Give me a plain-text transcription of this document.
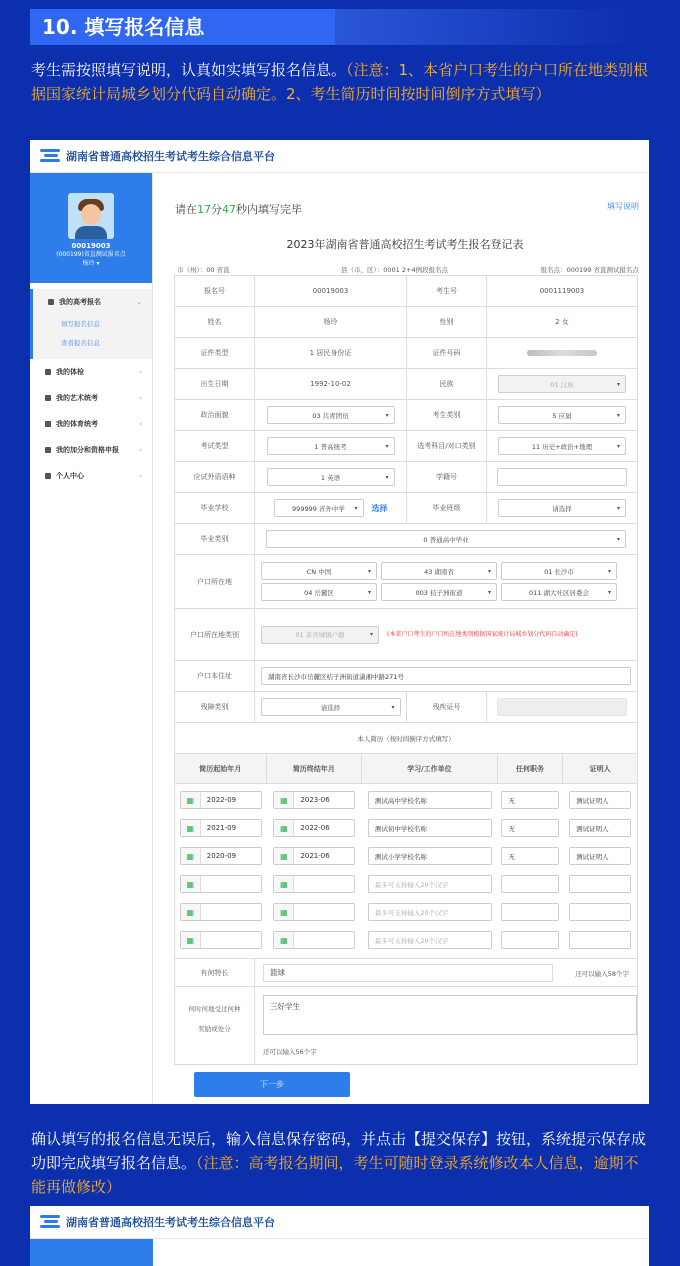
10. 填写报名信息
考生需按照填写说明，认真如实填写报名信息。（注意：1、本省户口考生的户口所在地类别根据国家统计局城乡划分代码自动确定。2、考生简历时间按时间倒序方式填写）
湖南省普通高校招生考试考生综合信息平台
00019003
(000199)省直测试报名点
杨玲 ▾
我的高考报名	⌄
填写报名信息
查看报名信息
我的体检	‹
我的艺术统考	‹
我的体育统考	‹
我的加分和资格申报	‹
个人中心	‹
请在17分47秒内填写完毕	填写说明
2023年湖南省普通高校招生考试考生报名登记表
市（州）：00 省直	县（市、区）：0001 2+4例段报名点	报名点：000199 省直测试报名点
报名号	00019003	考生号	0001119003
姓名	杨玲	性别	2 女
证件类型	1 居民身份证	证件号码
出生日期	1992-10-02	民族	01 汉族 ▾
政治面貌	03 共青团员 ▾	考生类别	5 应届 ▾
考试类型	1 普高统考 ▾	选考科目/对口类别	11 历史+政治+地理 ▾
应试外语语种	1 英语 ▾	学籍号
毕业学校	999999 省外中学 ▾	选择	毕业班级	请选择 ▾
毕业类别	0 普通高中毕业 ▾
户口所在地
CN 中国 ▾	43 湖南省 ▾	01 长沙市 ▾
04 岳麓区 ▾	003 桔子洲街道 ▾	011 湖大社区居委会 ▾
户口所在地类别	01 非省城镇户籍 ▾	(本省户口考生的户口所在地类别根据国家统计局城乡划分代码自动确定)
户口本住址	湖南省长沙市岳麓区桔子洲街道潇湘中路271号
残障类别	请选择 ▾	残疾证号
本人简历（按时间倒序方式填写）
简历起始年月	简历终结年月	学习/工作单位	任何职务	证明人
▦	2022-09	▦	2023-06	测试高中学校名称	无	测试证明人
▦	2021-09	▦	2022-06	测试初中学校名称	无	测试证明人
▦	2020-09	▦	2021-06	测试小学学校名称	无	测试证明人
▦	▦	最多可支持输入20个汉字
▦	▦	最多可支持输入20个汉字
▦	▦	最多可支持输入20个汉字
有何特长	篮球	还可以输入58个字
何时何地受过何种
奖励或处分
三好学生
还可以输入56个字
下一步
确认填写的报名信息无误后，输入信息保存密码，并点击【提交保存】按钮，系统提示保存成功即完成填写报名信息。（注意：高考报名期间，考生可随时登录系统修改本人信息，逾期不能再做修改）
湖南省普通高校招生考试考生综合信息平台
